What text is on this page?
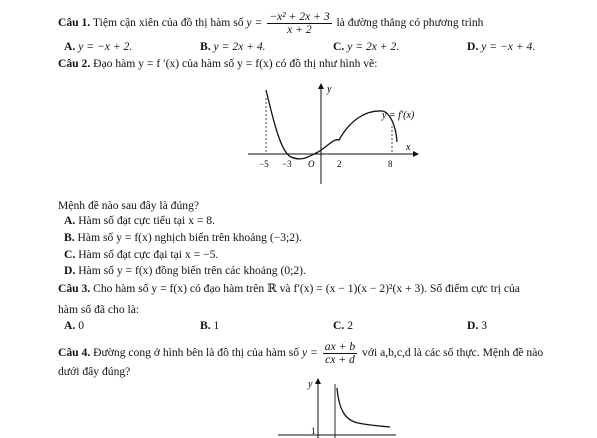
Câu 1. Tiệm cận xiên của đồ thị hàm số $y = \frac{\text{−x² + 2x + 3}}{x + 2}$ là đường thẳng có phương trình
A. y = −x + 2.	B. y = 2x + 4.	C. y = 2x + 2.	D. y = −x + 4.
Câu 2. Đạo hàm y = f ′(x) của hàm số y = f(x) có đồ thị như hình vẽ:
y
x
y = f′(x)
−5 −3 O	2	8
Mệnh đề nào sau đây là đúng?
A. Hàm số đạt cực tiểu tại x = 8.
B. Hàm số y = f(x) nghịch biến trên khoảng (−3;2).
C. Hàm số đạt cực đại tại x = −5.
D. Hàm số y = f(x) đồng biến trên các khoảng (0;2).
Câu 3. Cho hàm số y = f(x) có đạo hàm trên ℝ và f′(x) = (x − 1)(x − 2)²(x + 3). Số điểm cực trị của
hàm số đã cho là:
A. 0	B. 1	C. 2	D. 3
Câu 4. Đường cong ở hình bên là đồ thị của hàm số $y = \frac{ax + b}{cx + d}$ với a,b,c,d là các số thực. Mệnh đề nào
dưới đây đúng?
y
1
